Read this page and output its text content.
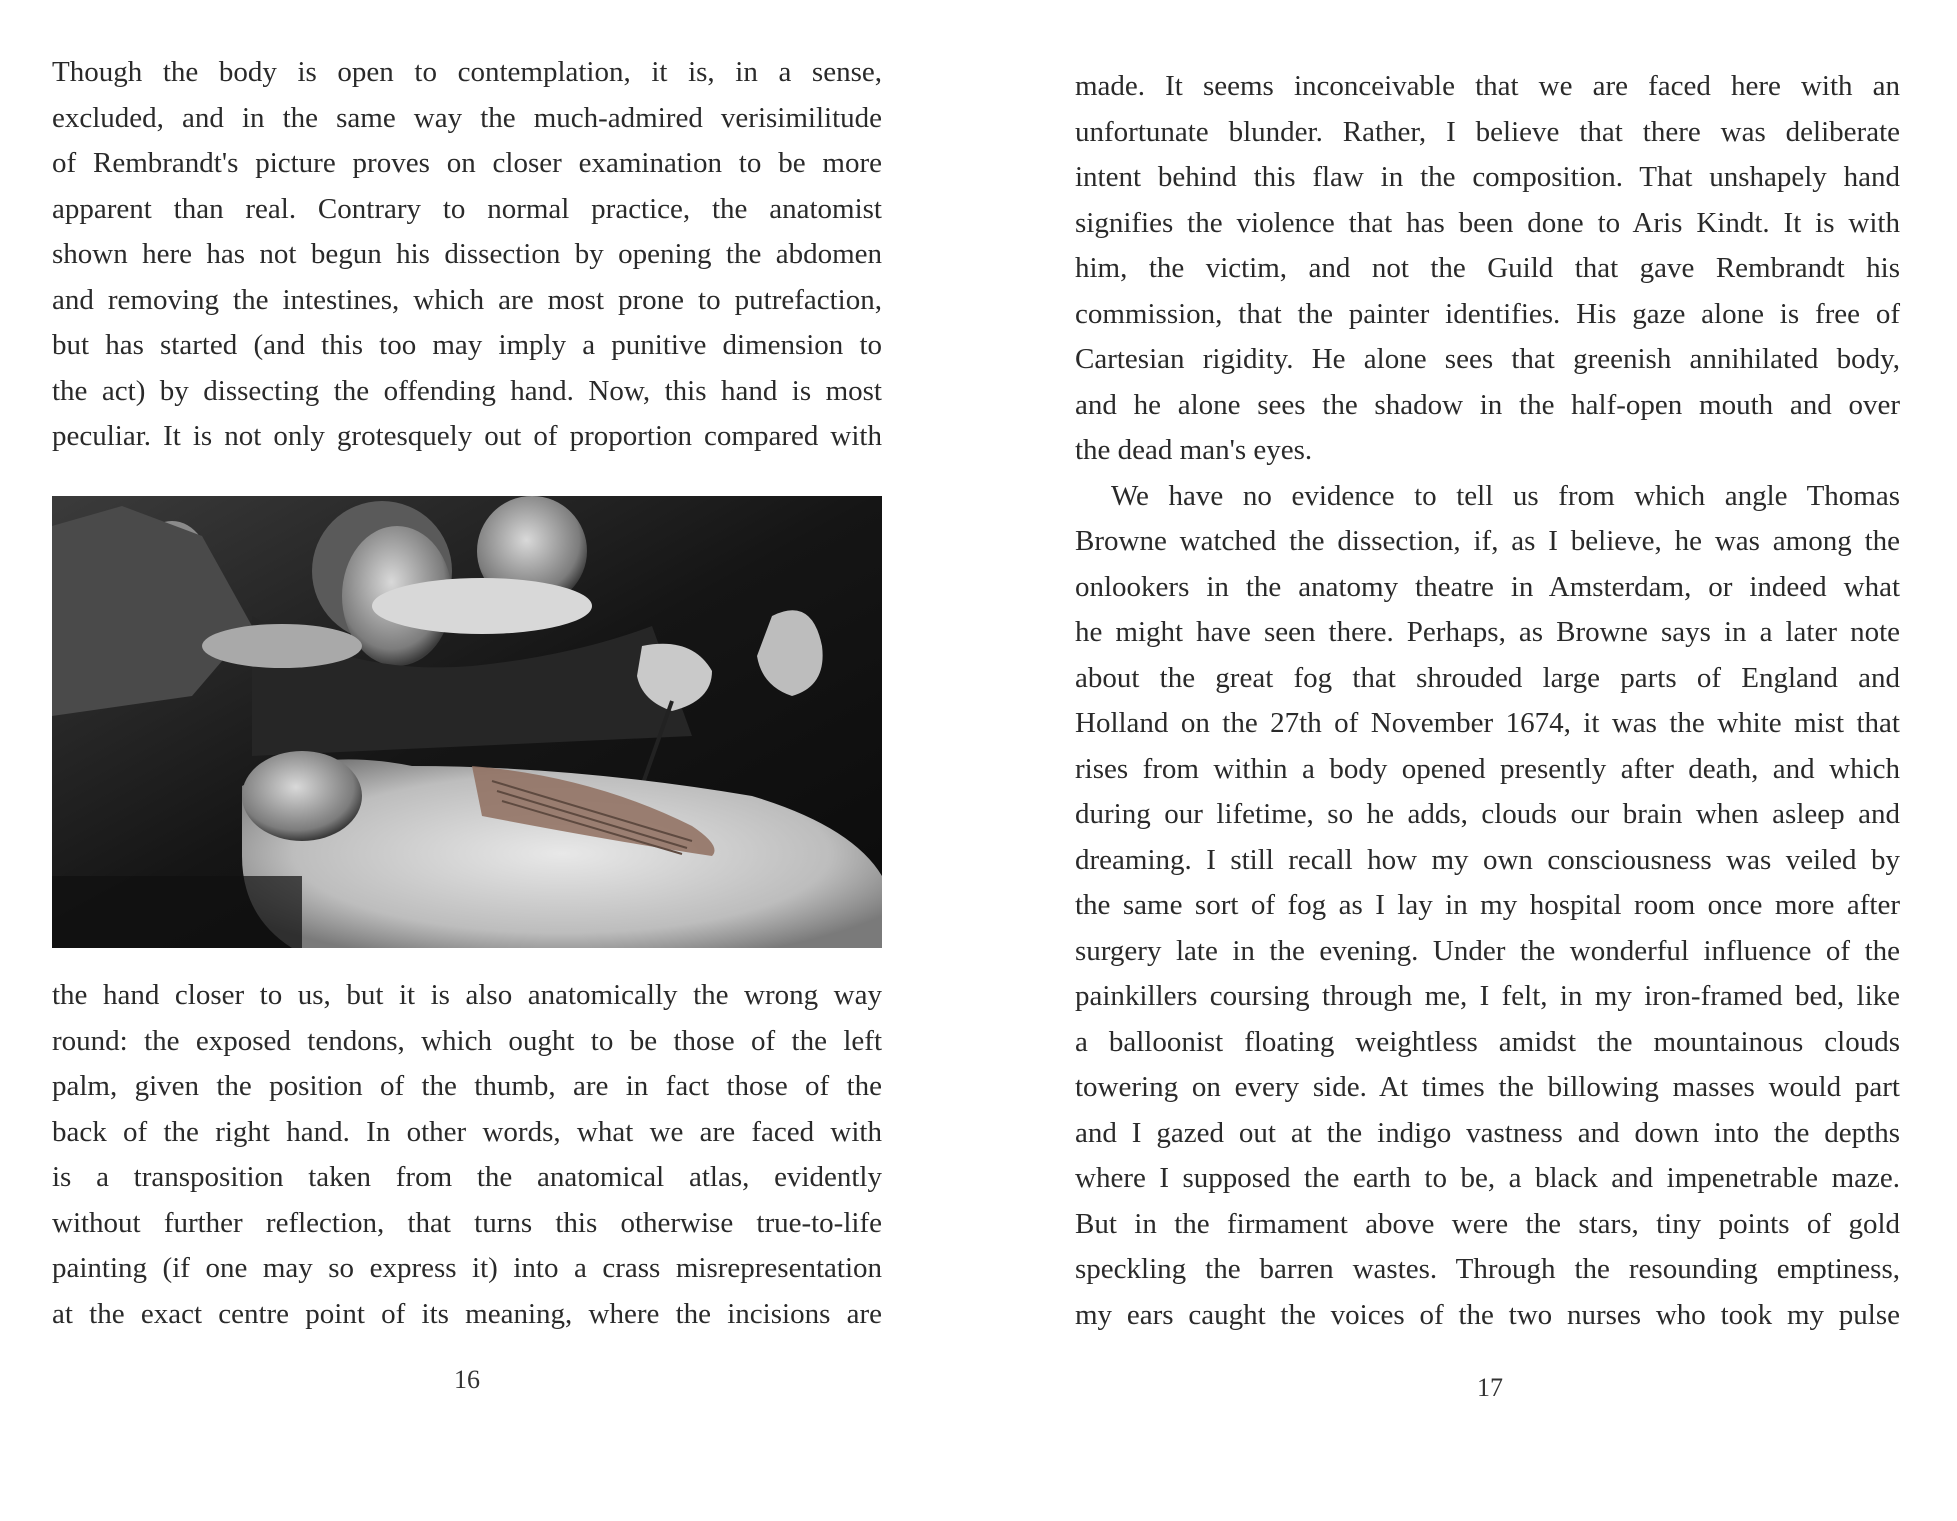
Though the body is open to contemplation, it is, in a sense,
excluded, and in the same way the much-admired verisimilitude
of Rembrandt's picture proves on closer examination to be more
apparent than real. Contrary to normal practice, the anatomist
shown here has not begun his dissection by opening the abdomen
and removing the intestines, which are most prone to putrefaction,
but has started (and this too may imply a punitive dimension to
the act) by dissecting the offending hand. Now, this hand is most
peculiar. It is not only grotesquely out of proportion compared with
the hand closer to us, but it is also anatomically the wrong way
round: the exposed tendons, which ought to be those of the left
palm, given the position of the thumb, are in fact those of the
back of the right hand. In other words, what we are faced with
is a transposition taken from the anatomical atlas, evidently
without further reflection, that turns this otherwise true-to-life
painting (if one may so express it) into a crass misrepresentation
at the exact centre point of its meaning, where the incisions are
16
made. It seems inconceivable that we are faced here with an
unfortunate blunder. Rather, I believe that there was deliberate
intent behind this flaw in the composition. That unshapely hand
signifies the violence that has been done to Aris Kindt. It is with
him, the victim, and not the Guild that gave Rembrandt his
commission, that the painter identifies. His gaze alone is free of
Cartesian rigidity. He alone sees that greenish annihilated body,
and he alone sees the shadow in the half-open mouth and over
the dead man's eyes.
We have no evidence to tell us from which angle Thomas
Browne watched the dissection, if, as I believe, he was among the
onlookers in the anatomy theatre in Amsterdam, or indeed what
he might have seen there. Perhaps, as Browne says in a later note
about the great fog that shrouded large parts of England and
Holland on the 27th of November 1674, it was the white mist that
rises from within a body opened presently after death, and which
during our lifetime, so he adds, clouds our brain when asleep and
dreaming. I still recall how my own consciousness was veiled by
the same sort of fog as I lay in my hospital room once more after
surgery late in the evening. Under the wonderful influence of the
painkillers coursing through me, I felt, in my iron-framed bed, like
a balloonist floating weightless amidst the mountainous clouds
towering on every side. At times the billowing masses would part
and I gazed out at the indigo vastness and down into the depths
where I supposed the earth to be, a black and impenetrable maze.
But in the firmament above were the stars, tiny points of gold
speckling the barren wastes. Through the resounding emptiness,
my ears caught the voices of the two nurses who took my pulse
17
